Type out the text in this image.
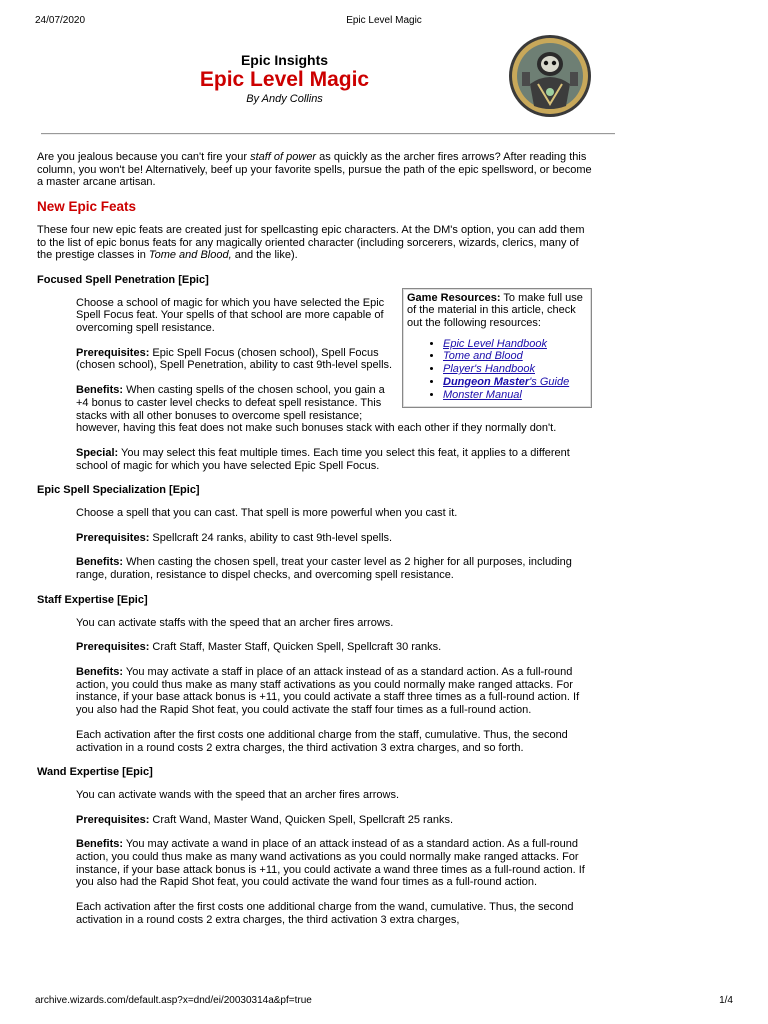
24/07/2020	Epic Level Magic
Epic Insights
Epic Level Magic
By Andy Collins

Are you jealous because you can't fire your staff of power as quickly as the archer fires arrows? After reading this column, you won't be! Alternatively, beef up your favorite spells, pursue the path of the epic spellsword, or become a master arcane artisan.

New Epic Feats

These four new epic feats are created just for spellcasting epic characters. At the DM's option, you can add them to the list of epic bonus feats for any magically oriented character (including sorcerers, wizards, clerics, many of the prestige classes in Tome and Blood, and the like).

Focused Spell Penetration [Epic]
Game Resources: To make full use of the material in this article, check out the following resources:
• Epic Level Handbook
• Tome and Blood
• Player's Handbook
• Dungeon Master's Guide
• Monster Manual

Choose a school of magic for which you have selected the Epic Spell Focus feat. Your spells of that school are more capable of overcoming spell resistance.

Prerequisites: Epic Spell Focus (chosen school), Spell Focus (chosen school), Spell Penetration, ability to cast 9th-level spells.

Benefits: When casting spells of the chosen school, you gain a +4 bonus to caster level checks to defeat spell resistance. This stacks with all other bonuses to overcome spell resistance; however, having this feat does not make such bonuses stack with each other if they normally don't.

Special: You may select this feat multiple times. Each time you select this feat, it applies to a different school of magic for which you have selected Epic Spell Focus.

Epic Spell Specialization [Epic]

Choose a spell that you can cast. That spell is more powerful when you cast it.

Prerequisites: Spellcraft 24 ranks, ability to cast 9th-level spells.

Benefits: When casting the chosen spell, treat your caster level as 2 higher for all purposes, including range, duration, resistance to dispel checks, and overcoming spell resistance.

Staff Expertise [Epic]

You can activate staffs with the speed that an archer fires arrows.

Prerequisites: Craft Staff, Master Staff, Quicken Spell, Spellcraft 30 ranks.

Benefits: You may activate a staff in place of an attack instead of as a standard action. As a full-round action, you could thus make as many staff activations as you could normally make ranged attacks. For instance, if your base attack bonus is +11, you could activate a staff three times as a full-round action. If you also had the Rapid Shot feat, you could activate the staff four times as a full-round action.

Each activation after the first costs one additional charge from the staff, cumulative. Thus, the second activation in a round costs 2 extra charges, the third activation 3 extra charges, and so forth.

Wand Expertise [Epic]

You can activate wands with the speed that an archer fires arrows.

Prerequisites: Craft Wand, Master Wand, Quicken Spell, Spellcraft 25 ranks.

Benefits: You may activate a wand in place of an attack instead of as a standard action. As a full-round action, you could thus make as many wand activations as you could normally make ranged attacks. For instance, if your base attack bonus is +11, you could activate a wand three times as a full-round action. If you also had the Rapid Shot feat, you could activate the wand four times as a full-round action.

Each activation after the first costs one additional charge from the wand, cumulative. Thus, the second activation in a round costs 2 extra charges, the third activation 3 extra charges,

archive.wizards.com/default.asp?x=dnd/ei/20030314a&pf=true	1/4
